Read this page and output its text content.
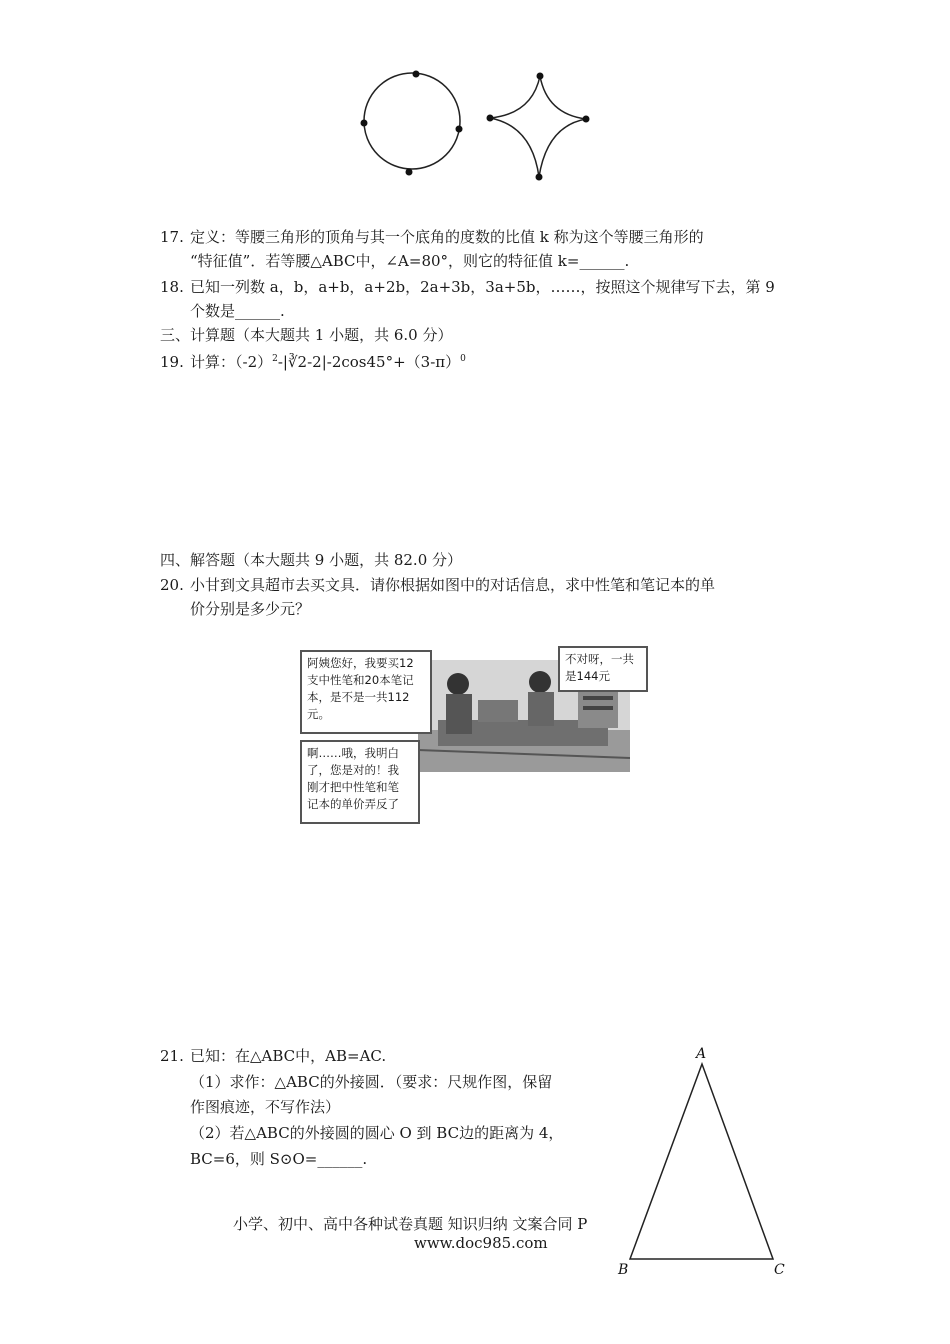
17. 定义：等腰三角形的顶角与其一个底角的度数的比值 k 称为这个等腰三角形的
“特征值”．若等腰△ABC中，∠A=80°，则它的特征值 k=______.
18. 已知一列数 a，b，a+b，a+2b，2a+3b，3a+5b，……，按照这个规律写下去，第 9
个数是______.
三、计算题（本大题共 1 小题，共 6.0 分）
19. 计算：$(-2)^2-|∛2-2|-2\cos 45^\circ+(3-\pi)^0$
四、解答题（本大题共 9 小题，共 82.0 分）
20. 小甘到文具超市去买文具．请你根据如图中的对话信息，求中性笔和笔记本的单
价分别是多少元？
阿姨您好，我要买12
支中性笔和20本笔记
本，是不是一共112
元。
不对呀，一共
是144元
啊……哦，我明白
了，您是对的！我
刚才把中性笔和笔
记本的单价弄反了
21. 已知：在△ABC中，AB=AC.
（1）求作：△ABC的外接圆．（要求：尺规作图，保留
作图痕迹，不写作法）
（2）若△ABC的外接圆的圆心 O 到 BC边的距离为 4，
BC=6，则 S⊙O=______.
A
B	C
小学、初中、高中各种试卷真题 知识归纳 文案合同 P
www.doc985.com
